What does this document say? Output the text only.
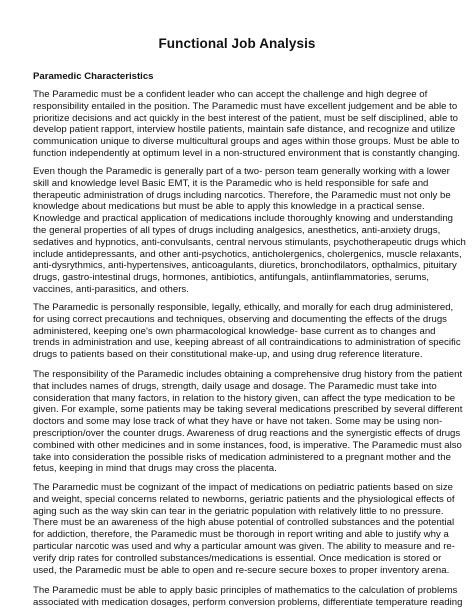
Functional Job Analysis
Paramedic Characteristics
The Paramedic must be a confident leader who can accept the challenge and high degree of
responsibility entailed in the position. The Paramedic must have excellent judgement and be able to
prioritize decisions and act quickly in the best interest of the patient, must be self disciplined, able to
develop patient rapport, interview hostile patients, maintain safe distance, and recognize and utilize
communication unique to diverse multicultural groups and ages within those groups. Must be able to
function independently at optimum level in a non-structured environment that is constantly changing.
Even though the Paramedic is generally part of a two- person team generally working with a lower
skill and knowledge level Basic EMT, it is the Paramedic who is held responsible for safe and
therapeutic administration of drugs including narcotics. Therefore, the Paramedic must not only be
knowledge about medications but must be able to apply this knowledge in a practical sense.
Knowledge and practical application of medications include thoroughly knowing and understanding
the general properties of all types of drugs including analgesics, anesthetics, anti-anxiety drugs,
sedatives and hypnotics, anti-convulsants, central nervous stimulants, psychotherapeutic drugs which
include antidepressants, and other anti-psychotics, anticholergenics, cholergenics, muscle relaxants,
anti-dysrythmics, anti-hypertensives, anticoagulants, diuretics, bronchodilators, opthalmics, pituitary
drugs, gastro-intestinal drugs, hormones, antibiotics, antifungals, antiinflammatories, serums,
vaccines, anti-parasitics, and others.
The Paramedic is personally responsible, legally, ethically, and morally for each drug administered,
for using correct precautions and techniques, observing and documenting the effects of the drugs
administered, keeping one's own pharmacological knowledge- base current as to changes and
trends in administration and use, keeping abreast of all contraindications to administration of specific
drugs to patients based on their constitutional make-up, and using drug reference literature.
The responsibility of the Paramedic includes obtaining a comprehensive drug history from the patient
that includes names of drugs, strength, daily usage and dosage. The Paramedic must take into
consideration that many factors, in relation to the history given, can affect the type medication to be
given. For example, some patients may be taking several medications prescribed by several different
doctors and some may lose track of what they have or have not taken. Some may be using non-
prescription/over the counter drugs. Awareness of drug reactions and the synergistic effects of drugs
combined with other medicines and in some instances, food, is imperative. The Paramedic must also
take into consideration the possible risks of medication administered to a pregnant mother and the
fetus, keeping in mind that drugs may cross the placenta.
The Paramedic must be cognizant of the impact of medications on pediatric patients based on size
and weight, special concerns related to newborns, geriatric patients and the physiological effects of
aging such as the way skin can tear in the geriatric population with relatively little to no pressure.
There must be an awareness of the high abuse potential of controlled substances and the potential
for addiction, therefore, the Paramedic must be thorough in report writing and able to justify why a
particular narcotic was used and why a particular amount was given. The ability to measure and re-
verify drip rates for controlled substances/medications is essential. Once medication is stored or
used, the Paramedic must be able to open and re-secure secure boxes to proper inventory arena.
The Paramedic must be able to apply basic principles of mathematics to the calculation of problems
associated with medication dosages, perform conversion problems, differentiate temperature reading
